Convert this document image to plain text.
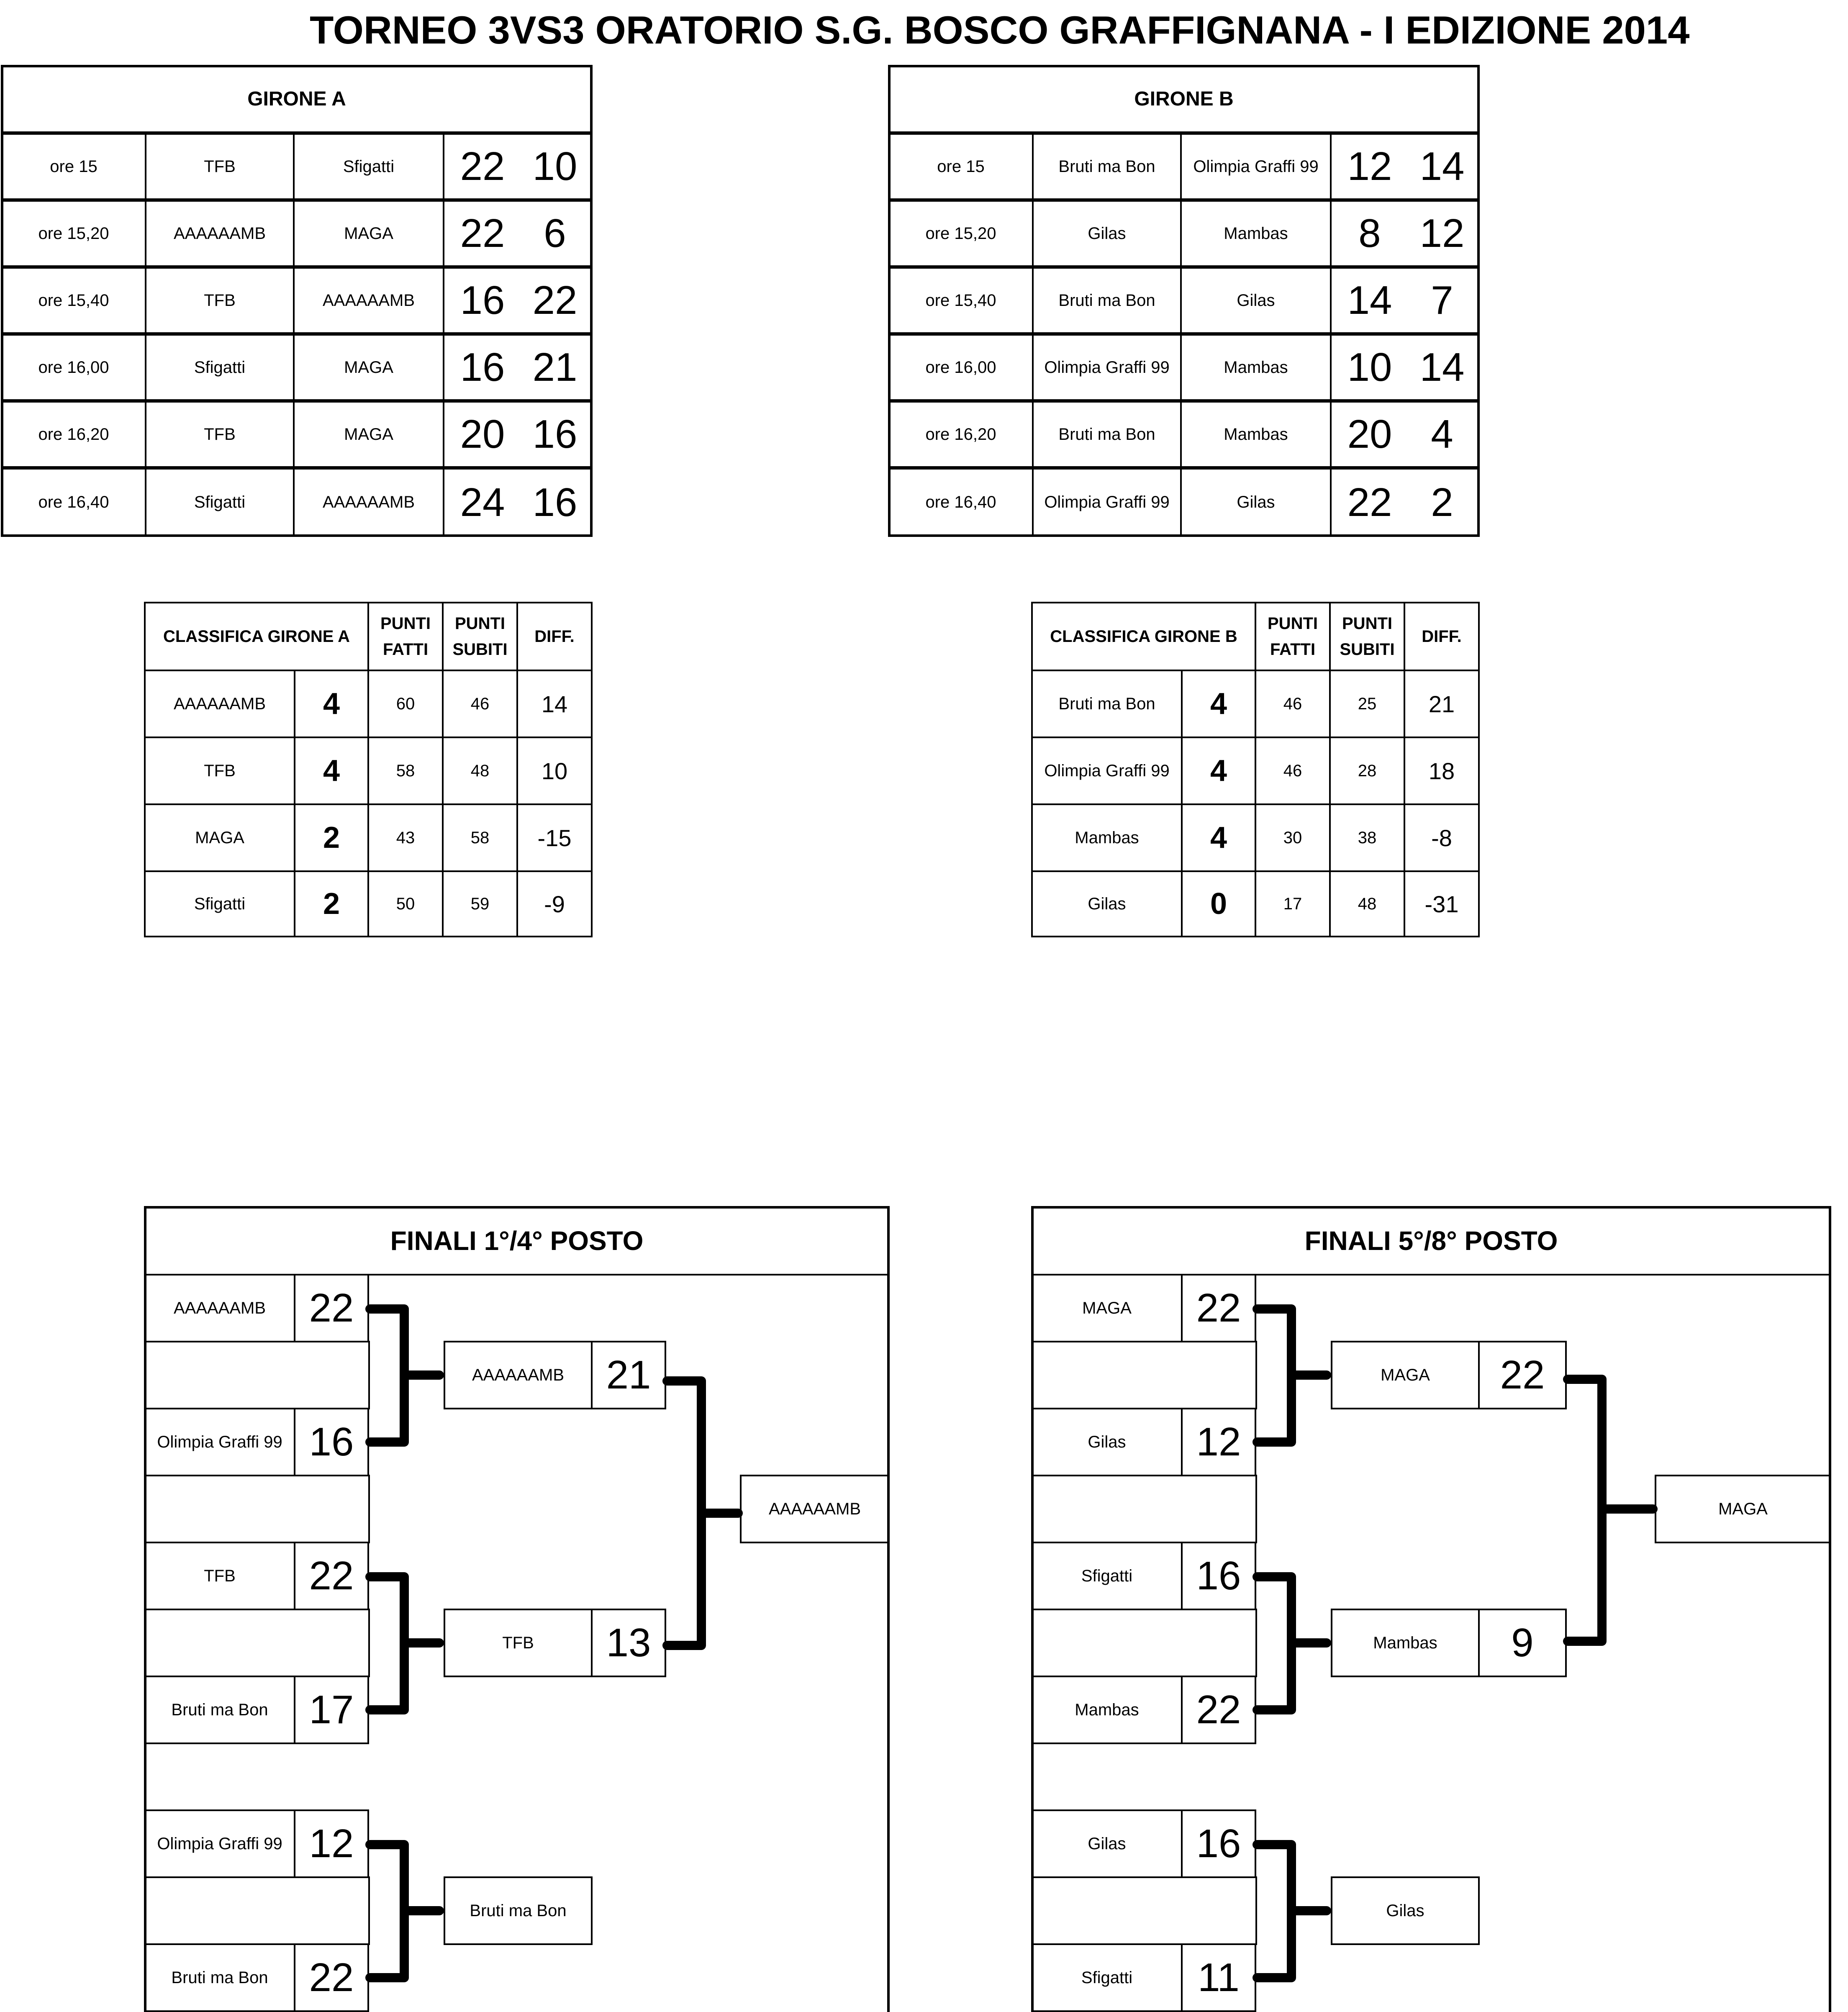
TORNEO 3VS3 ORATORIO S.G. BOSCO GRAFFIGNANA - I EDIZIONE 2014
GIRONE A
ore 15	TFB	Sfigatti	22 10
ore 15,20	AAAAAAMB	MAGA	22 6
ore 15,40	TFB	AAAAAAMB	16 22
ore 16,00	Sfigatti	MAGA	16 21
ore 16,20	TFB	MAGA	20 16
ore 16,40	Sfigatti	AAAAAAMB	24 16
GIRONE B
ore 15	Bruti ma Bon	Olimpia Graffi 99 12 14
ore 15,20	Gilas	Mambas	8 12
ore 15,40	Bruti ma Bon	Gilas	14 7
ore 16,00	Olimpia Graffi 99	Mambas	10 14
ore 16,20	Bruti ma Bon	Mambas	20 4
ore 16,40	Olimpia Graffi 99	Gilas	22 2
CLASSIFICA GIRONE A
PUNTI
FATTI
PUNTI
SUBITI
DIFF.
AAAAAAMB	4	60	46	14
TFB	4	58	48	10
MAGA	2	43	58	-15
Sfigatti	2	50	59	-9
CLASSIFICA GIRONE B
PUNTI
FATTI
PUNTI
SUBITI
DIFF.
Bruti ma Bon	4	46	25	21
Olimpia Graffi 99	4	46	28	18
Mambas	4	30	38	-8
Gilas	0	17	48	-31
FINALI 1°/4° POSTO
AAAAAAMB	22
Olimpia Graffi 99 16
TFB	22
Bruti ma Bon	17
Olimpia Graffi 99 12
Bruti ma Bon	22
AAAAAAMB	21
TFB	13
AAAAAAMB
Bruti ma Bon
FINALI 5°/8° POSTO
MAGA	22
Gilas	12
Sfigatti	16
Mambas	22
Gilas	16
Sfigatti	11
MAGA	22
Mambas	9
MAGA
Gilas
